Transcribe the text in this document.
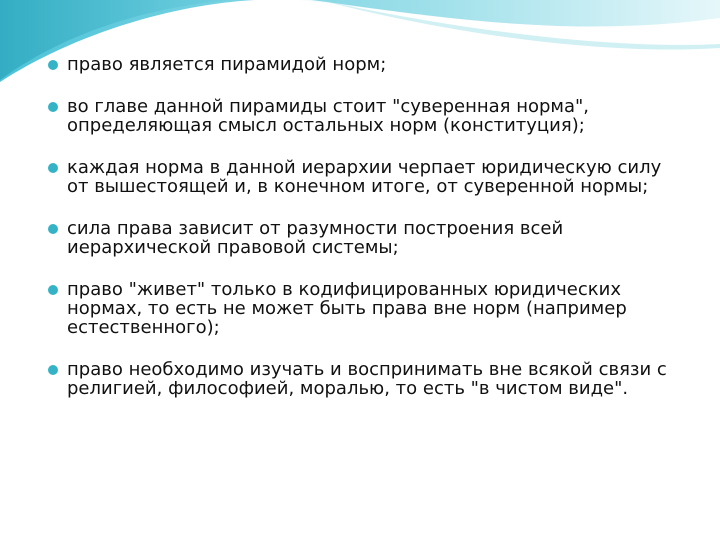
право является пирамидой норм;
во главе данной пирамиды стоит "суверенная норма", определяющая смысл остальных норм (конституция);
каждая норма в данной иерархии черпает юридическую силу от вышестоящей и, в конечном итоге, от суверенной нормы;
сила права зависит от разумности построения всей иерархической правовой системы;
право "живет" только в кодифицированных юридических нормах, то есть не может быть права вне норм (например естественного);
право необходимо изучать и воспринимать вне всякой связи с религией, философией, моралью, то есть "в чистом виде".
